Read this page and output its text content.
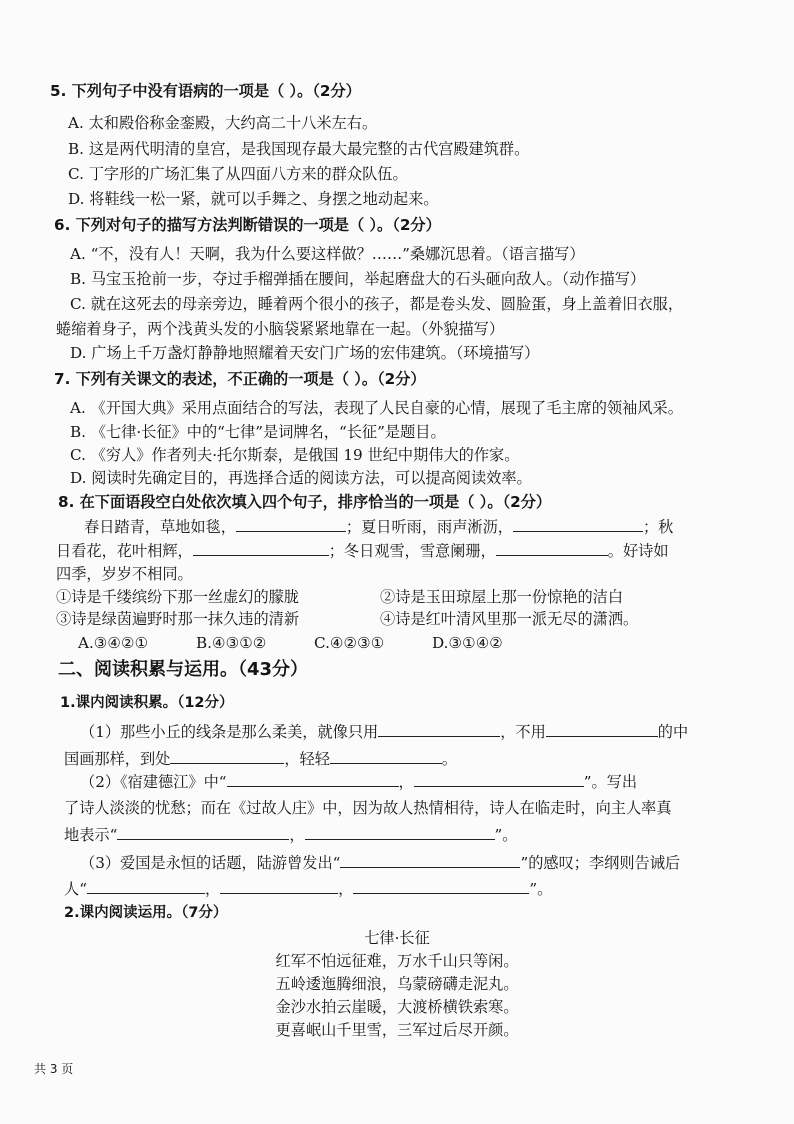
5. 下列句子中没有语病的一项是（ ）。（2分）
A. 太和殿俗称金銮殿，大约高二十八米左右。
B. 这是两代明清的皇宫，是我国现存最大最完整的古代宫殿建筑群。
C. 丁字形的广场汇集了从四面八方来的群众队伍。
D. 将鞋线一松一紧，就可以手舞之、身摆之地动起来。
6. 下列对句子的描写方法判断错误的一项是（ ）。（2分）
A. “不，没有人！天啊，我为什么要这样做？……”桑娜沉思着。（语言描写）
B. 马宝玉抢前一步，夺过手榴弹插在腰间，举起磨盘大的石头砸向敌人。（动作描写）
C. 就在这死去的母亲旁边，睡着两个很小的孩子，都是卷头发、圆脸蛋，身上盖着旧衣服，
蜷缩着身子，两个浅黄头发的小脑袋紧紧地靠在一起。（外貌描写）
D. 广场上千万盏灯静静地照耀着天安门广场的宏伟建筑。（环境描写）
7. 下列有关课文的表述，不正确的一项是（ ）。（2分）
A. 《开国大典》采用点面结合的写法，表现了人民自豪的心情，展现了毛主席的领袖风采。
B. 《七律·长征》中的“七律”是词牌名，“长征”是题目。
C. 《穷人》作者列夫·托尔斯泰，是俄国 19 世纪中期伟大的作家。
D. 阅读时先确定目的，再选择合适的阅读方法，可以提高阅读效率。
8. 在下面语段空白处依次填入四个句子，排序恰当的一项是（ ）。（2分）
春日踏青，草地如毯，	；夏日听雨，雨声淅沥，	；秋
日看花，花叶相辉，	；冬日观雪，雪意阑珊，	。好诗如
四季，岁岁不相同。
①诗是千缕缤纷下那一丝虚幻的朦胧	②诗是玉田琼屋上那一份惊艳的洁白
③诗是绿茵遍野时那一抹久违的清新	④诗是红叶清风里那一派无尽的潇洒。
A.③④②①	B.④③①②	C.④②③①	D.③①④②
二、阅读积累与运用。（43分）
1.课内阅读积累。（12分）
（1）那些小丘的线条是那么柔美，就像只用	，不用	的中
国画那样，到处	，轻轻	。
（2）《宿建德江》中“	，	”。写出
了诗人淡淡的忧愁；而在《过故人庄》中，因为故人热情相待，诗人在临走时，向主人率真
地表示“	，	”。
（3）爱国是永恒的话题，陆游曾发出“	”的感叹；李纲则告诫后
人“	，	，	”。
2.课内阅读运用。（7分）
七律·长征
红军不怕远征难，万水千山只等闲。
五岭逶迤腾细浪，乌蒙磅礴走泥丸。
金沙水拍云崖暖，大渡桥横铁索寒。
更喜岷山千里雪，三军过后尽开颜。
共 3 页
